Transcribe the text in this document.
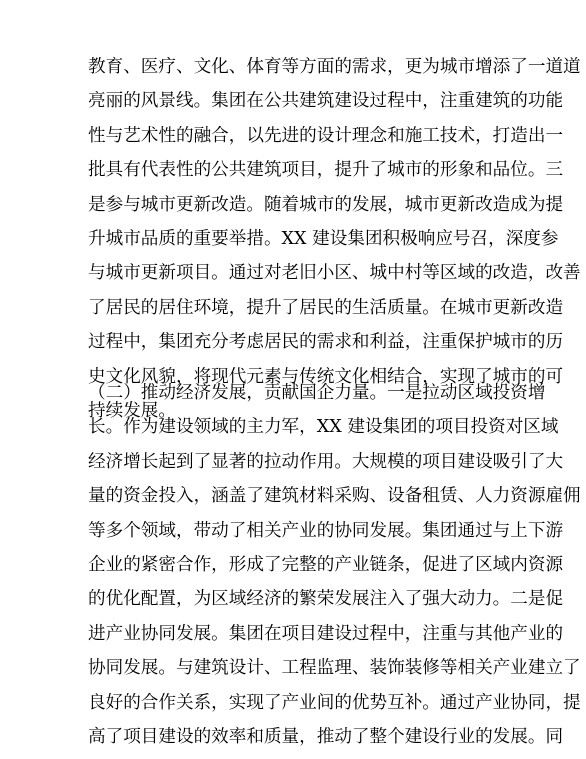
教育、医疗、文化、体育等方面的需求，更为城市增添了一道道
亮丽的风景线。集团在公共建筑建设过程中，注重建筑的功能
性与艺术性的融合，以先进的设计理念和施工技术，打造出一
批具有代表性的公共建筑项目，提升了城市的形象和品位。三
是参与城市更新改造。随着城市的发展，城市更新改造成为提
升城市品质的重要举措。XX 建设集团积极响应号召，深度参
与城市更新项目。通过对老旧小区、城中村等区域的改造，改善
了居民的居住环境，提升了居民的生活质量。在城市更新改造
过程中，集团充分考虑居民的需求和利益，注重保护城市的历
史文化风貌，将现代元素与传统文化相结合，实现了城市的可
持续发展。
（二）推动经济发展，贡献国企力量。一是拉动区域投资增
长。作为建设领域的主力军，XX 建设集团的项目投资对区域
经济增长起到了显著的拉动作用。大规模的项目建设吸引了大
量的资金投入，涵盖了建筑材料采购、设备租赁、人力资源雇佣
等多个领域，带动了相关产业的协同发展。集团通过与上下游
企业的紧密合作，形成了完整的产业链条，促进了区域内资源
的优化配置，为区域经济的繁荣发展注入了强大动力。二是促
进产业协同发展。集团在项目建设过程中，注重与其他产业的
协同发展。与建筑设计、工程监理、装饰装修等相关产业建立了
良好的合作关系，实现了产业间的优势互补。通过产业协同，提
高了项目建设的效率和质量，推动了整个建设行业的发展。同
